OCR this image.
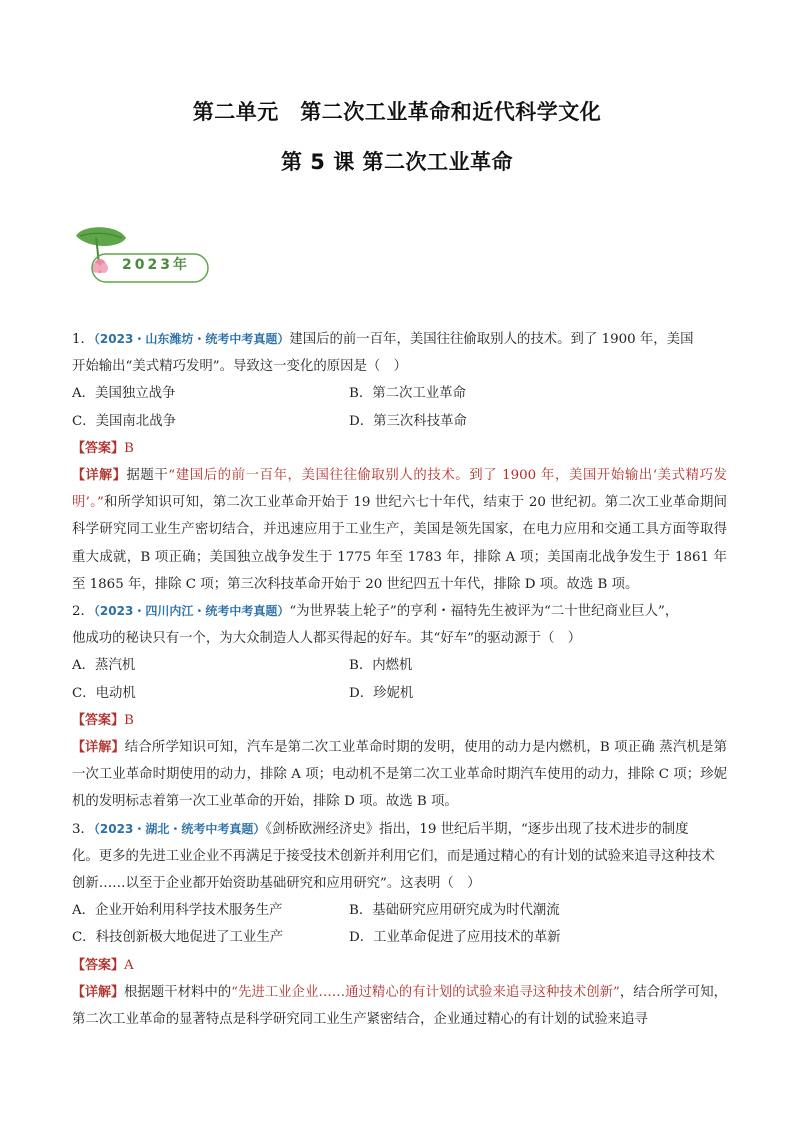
第二单元　第二次工业革命和近代科学文化
第 5 课 第二次工业革命
2023年
1．（2023・山东潍坊・统考中考真题）建国后的前一百年，美国往往偷取别人的技术。到了 1900 年，美国
开始输出“美式精巧发明”。导致这一变化的原因是（　）
A．美国独立战争	B．第二次工业革命
C．美国南北战争	D．第三次科技革命
【答案】B
【详解】据题干“建国后的前一百年，美国往往偷取别人的技术。到了 1900 年，美国开始输出‘美式精巧发明’。”和所学知识可知，第二次工业革命开始于 19 世纪六七十年代，结束于 20 世纪初。第二次工业革命期间科学研究同工业生产密切结合，并迅速应用于工业生产，美国是领先国家，在电力应用和交通工具方面等取得重大成就，B 项正确；美国独立战争发生于 1775 年至 1783 年，排除 A 项；美国南北战争发生于 1861 年至 1865 年，排除 C 项；第三次科技革命开始于 20 世纪四五十年代，排除 D 项。故选 B 项。
2．（2023・四川内江・统考中考真题）“为世界装上轮子”的亨利・福特先生被评为“二十世纪商业巨人”，
他成功的秘诀只有一个，为大众制造人人都买得起的好车。其“好车”的驱动源于（　）
A．蒸汽机	B．内燃机
C．电动机	D．珍妮机
【答案】B
【详解】结合所学知识可知，汽车是第二次工业革命时期的发明，使用的动力是内燃机，B 项正确 蒸汽机是第一次工业革命时期使用的动力，排除 A 项；电动机不是第二次工业革命时期汽车使用的动力，排除 C 项；珍妮机的发明标志着第一次工业革命的开始，排除 D 项。故选 B 项。
3．（2023・湖北・统考中考真题）《剑桥欧洲经济史》指出，19 世纪后半期，“逐步出现了技术进步的制度
化。更多的先进工业企业不再满足于接受技术创新并利用它们，而是通过精心的有计划的试验来追寻这种技术创新……以至于企业都开始资助基础研究和应用研究”。这表明（　）
A．企业开始利用科学技术服务生产	B．基础研究应用研究成为时代潮流
C．科技创新极大地促进了工业生产	D．工业革命促进了应用技术的革新
【答案】A
【详解】根据题干材料中的“先进工业企业……通过精心的有计划的试验来追寻这种技术创新”，结合所学可知，第二次工业革命的显著特点是科学研究同工业生产紧密结合，企业通过精心的有计划的试验来追寻
